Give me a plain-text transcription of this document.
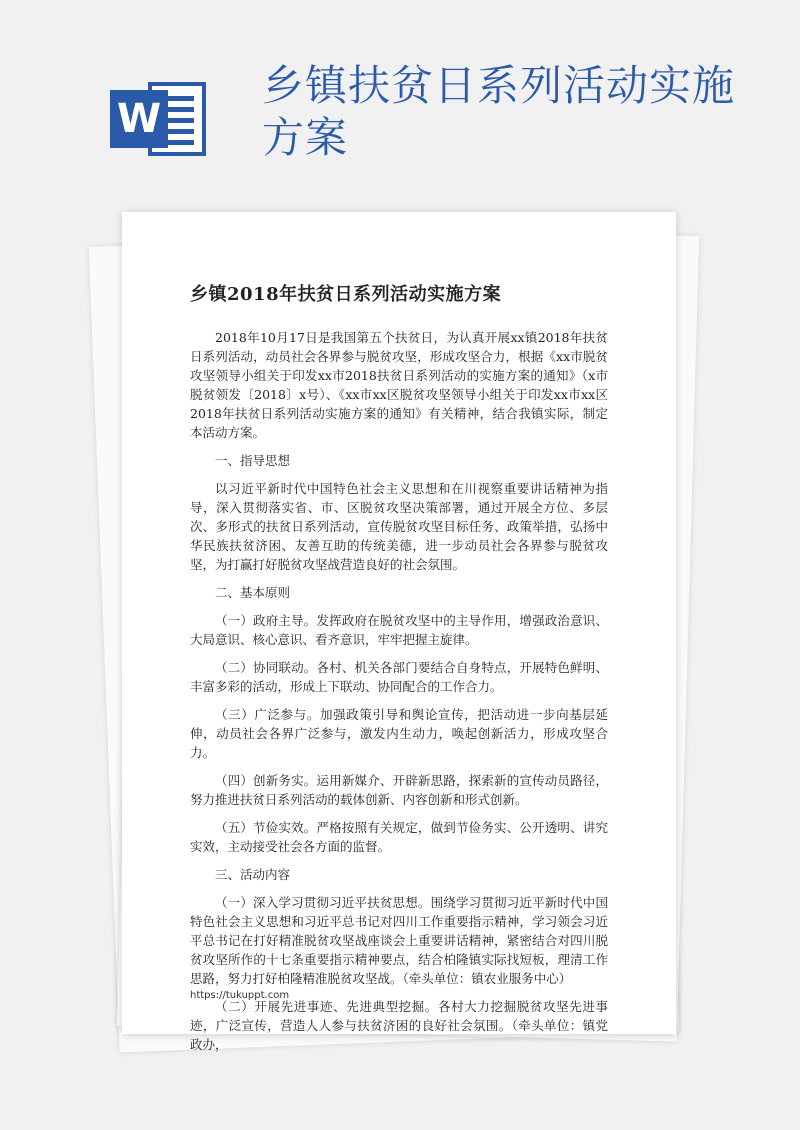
W
乡镇扶贫日系列活动实施方案
乡镇2018年扶贫日系列活动实施方案

2018年10月17日是我国第五个扶贫日，为认真开展xx镇2018年扶贫日系列活动，动员社会各界参与脱贫攻坚，形成攻坚合力，根据《xx市脱贫攻坚领导小组关于印发xx市2018扶贫日系列活动的实施方案的通知》（x市脱贫领发〔2018〕x号）、《xx市xx区脱贫攻坚领导小组关于印发xx市xx区2018年扶贫日系列活动实施方案的通知》有关精神，结合我镇实际，制定本活动方案。

一、指导思想

以习近平新时代中国特色社会主义思想和在川视察重要讲话精神为指导，深入贯彻落实省、市、区脱贫攻坚决策部署，通过开展全方位、多层次、多形式的扶贫日系列活动，宣传脱贫攻坚目标任务、政策举措，弘扬中华民族扶贫济困、友善互助的传统美德，进一步动员社会各界参与脱贫攻坚，为打赢打好脱贫攻坚战营造良好的社会氛围。

二、基本原则

（一）政府主导。发挥政府在脱贫攻坚中的主导作用，增强政治意识、大局意识、核心意识、看齐意识，牢牢把握主旋律。

（二）协同联动。各村、机关各部门要结合自身特点，开展特色鲜明、丰富多彩的活动，形成上下联动、协同配合的工作合力。

（三）广泛参与。加强政策引导和舆论宣传，把活动进一步向基层延伸，动员社会各界广泛参与，激发内生动力，唤起创新活力，形成攻坚合力。

（四）创新务实。运用新媒介、开辟新思路，探索新的宣传动员路径，努力推进扶贫日系列活动的载体创新、内容创新和形式创新。

（五）节俭实效。严格按照有关规定，做到节俭务实、公开透明、讲究实效，主动接受社会各方面的监督。

三、活动内容

（一）深入学习贯彻习近平扶贫思想。围绕学习贯彻习近平新时代中国特色社会主义思想和习近平总书记对四川工作重要指示精神，学习领会习近平总书记在打好精准脱贫攻坚战座谈会上重要讲话精神，紧密结合对四川脱贫攻坚所作的十七条重要指示精神要点，结合柏隆镇实际找短板，理清工作思路，努力打好柏隆精准脱贫攻坚战。（牵头单位：镇农业服务中心）

（二）开展先进事迹、先进典型挖掘。各村大力挖掘脱贫攻坚先进事迹，广泛宣传，营造人人参与扶贫济困的良好社会氛围。（牵头单位：镇党政办，

https://tukuppt.com
